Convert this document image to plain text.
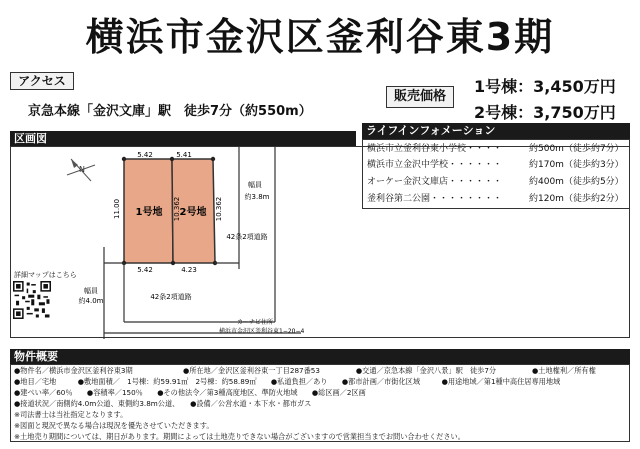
横浜市金沢区釜利谷東3期
アクセス
京急本線「金沢文庫」駅　徒歩7分（約550m）
販売価格
1号棟：3,450万円
2号棟：3,750万円
ライフインフォメーション
横浜市立釜利谷東小学校・・・・	約500m（徒歩約7分）
横浜市立金沢中学校・・・・・・	約170m（徒歩約3分）
オーケー金沢文庫店・・・・・・	約400m（徒歩約5分）
釜利谷第二公園・・・・・・・・	約120m（徒歩約2分）
区画図
N
1号地 2号地
5.42	5.41
5.42	4.23
11.00	10.362	10.362
幅員
約3.8m
42条2項道路
幅員
約4.0m	42条2項道路
カーナビ住所
横浜市金沢区釜利谷東1−20−4
詳細マップはこちら
物件概要
●物件名／横浜市金沢区釜利谷東3期　　　　　　　●所在地／金沢区釜利谷東一丁目287番53　　　　　●交通／京急本線「金沢八景」駅　徒歩7分　　　　　●土地権利／所有権
●地目／宅地　　　●敷地面積／　1号棟：約59.91㎡　2号棟：約58.89㎡　　●私道負担／あり　　●都市計画／市街化区域　　　●用途地域／第1種中高住居専用地域
●建ぺい率／60％　　●容積率／150％　　●その他法令／第3種高度地区、準防火地域　　●総区画／2区画
●接道状況／南側約4.0m公道、東側約3.8m公道、　　●設備／公営水道・本下水・都市ガス
※司法書士は当社指定となります。
※図面と現況で異なる場合は現況を優先させていただきます。
※土地売り期間については、期日があります。期間によっては土地売りできない場合がございますので営業担当までお問い合わせください。
